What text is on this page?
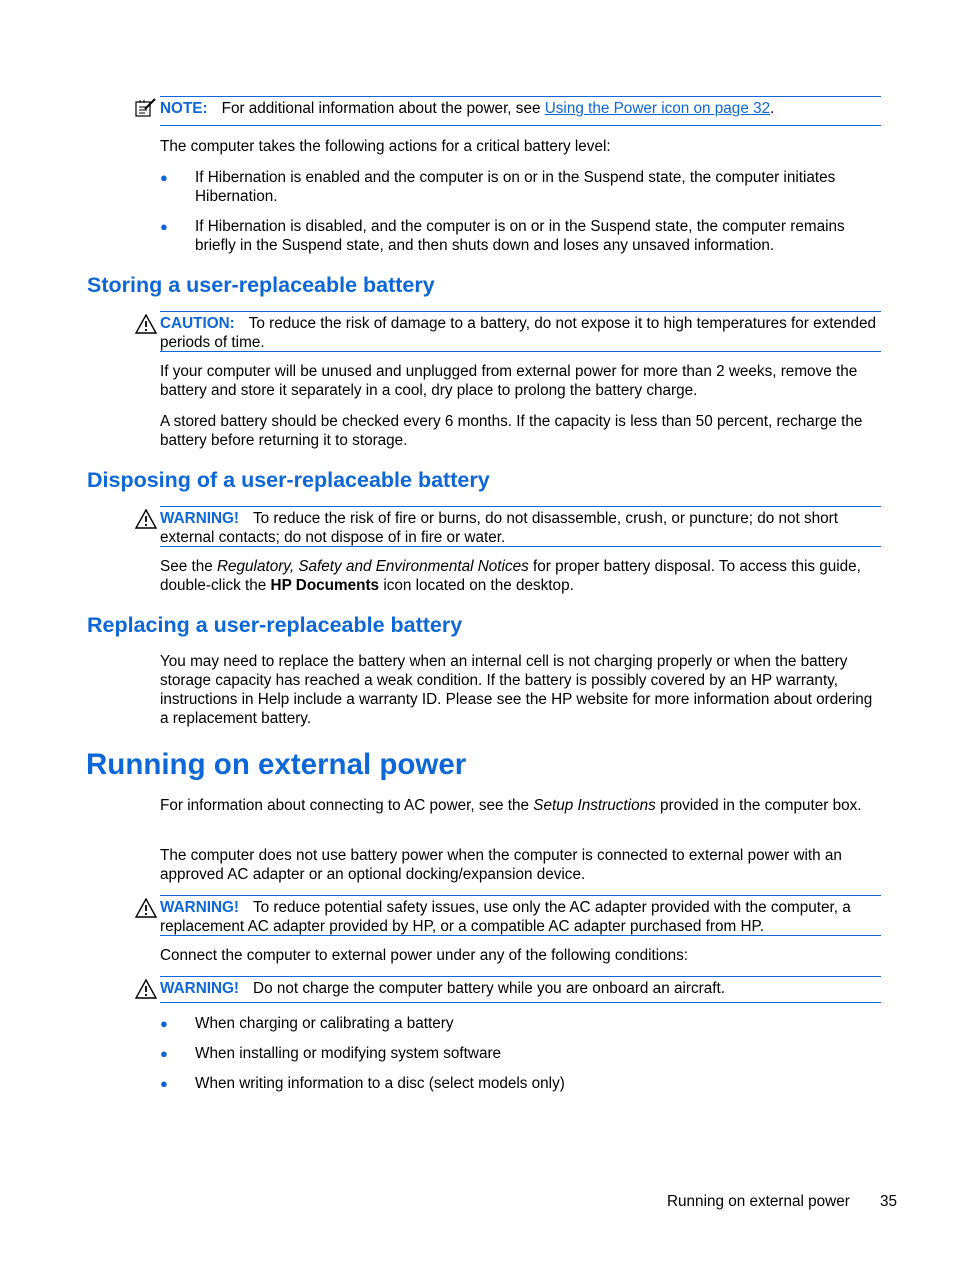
NOTE: For additional information about the power, see Using the Power icon on page 32.

The computer takes the following actions for a critical battery level:

● If Hibernation is enabled and the computer is on or in the Suspend state, the computer initiates Hibernation.
● If Hibernation is disabled, and the computer is on or in the Suspend state, the computer remains briefly in the Suspend state, and then shuts down and loses any unsaved information.
Storing a user-replaceable battery
CAUTION: To reduce the risk of damage to a battery, do not expose it to high temperatures for extended periods of time.

If your computer will be unused and unplugged from external power for more than 2 weeks, remove the battery and store it separately in a cool, dry place to prolong the battery charge.

A stored battery should be checked every 6 months. If the capacity is less than 50 percent, recharge the battery before returning it to storage.

Disposing of a user-replaceable battery
WARNING! To reduce the risk of fire or burns, do not disassemble, crush, or puncture; do not short external contacts; do not dispose of in fire or water.

See the Regulatory, Safety and Environmental Notices for proper battery disposal. To access this guide, double-click the HP Documents icon located on the desktop.

Replacing a user-replaceable battery

You may need to replace the battery when an internal cell is not charging properly or when the battery storage capacity has reached a weak condition. If the battery is possibly covered by an HP warranty, instructions in Help include a warranty ID. Please see the HP website for more information about ordering a replacement battery.

Running on external power

For information about connecting to AC power, see the Setup Instructions provided in the computer box.

The computer does not use battery power when the computer is connected to external power with an approved AC adapter or an optional docking/expansion device.

WARNING! To reduce potential safety issues, use only the AC adapter provided with the computer, a replacement AC adapter provided by HP, or a compatible AC adapter purchased from HP.

Connect the computer to external power under any of the following conditions:

WARNING! Do not charge the computer battery while you are onboard an aircraft.
● When charging or calibrating a battery
● When installing or modifying system software
● When writing information to a disc (select models only)
Running on external power 35
